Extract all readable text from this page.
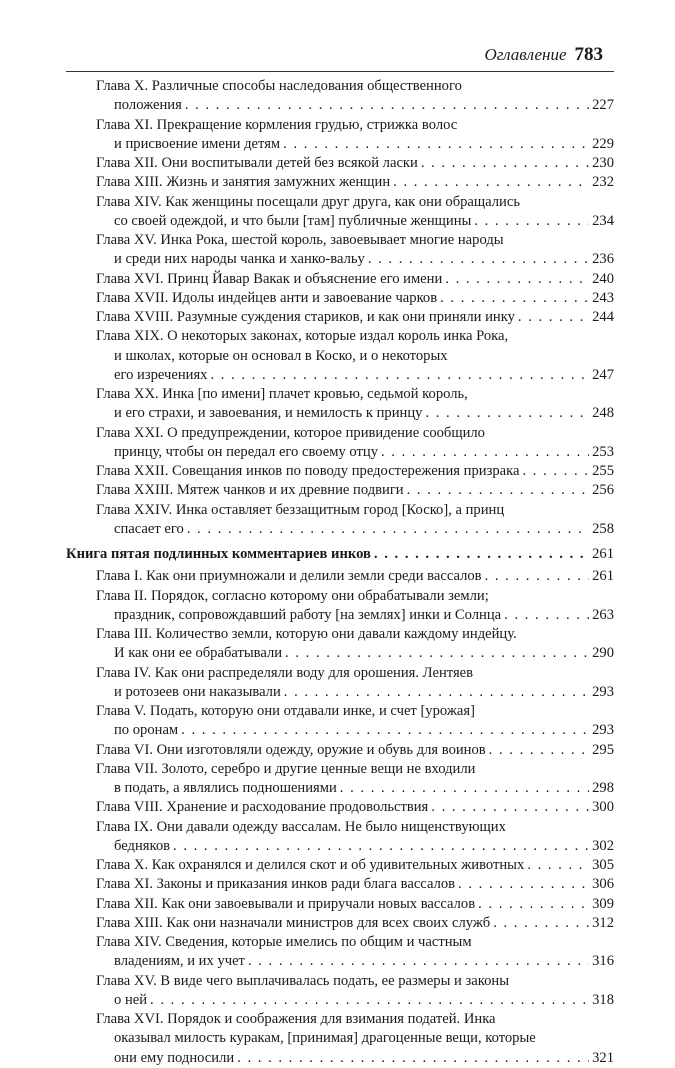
Оглавление 783
Глава X. Различные способы наследования общественного
положения . . .	227
Глава XI. Прекращение кормления грудью, стрижка волос
и присвоение имени детям . . .	229
Глава XII. Они воспитывали детей без всякой ласки . . .	230
Глава XIII. Жизнь и занятия замужних женщин . . .	232
Глава XIV. Как женщины посещали друг друга, как они обращались
со своей одеждой, и что были [там] публичные женщины . . .	234
Глава XV. Инка Рока, шестой король, завоевывает многие народы
и среди них народы чанка и ханко-вальу . . .	236
Глава XVI. Принц Йавар Вакак и объяснение его имени . . .	240
Глава XVII. Идолы индейцев анти и завоевание чарков . . .	243
Глава XVIII. Разумные суждения стариков, и как они приняли инку . . .	244
Глава XIX. О некоторых законах, которые издал король инка Рока,
и школах, которые он основал в Коско, и о некоторых
его изречениях . . .	247
Глава XX. Инка [по имени] плачет кровью, седьмой король,
и его страхи, и завоевания, и немилость к принцу . . .	248
Глава XXI. О предупреждении, которое привидение сообщило
принцу, чтобы он передал его своему отцу . . .	253
Глава XXII. Совещания инков по поводу предостережения призрака . . .	255
Глава XXIII. Мятеж чанков и их древние подвиги . . .	256
Глава XXIV. Инка оставляет беззащитным город [Коско], а принц
спасает его . . .	258
Книга пятая подлинных комментариев инков . . .	261
Глава I. Как они приумножали и делили земли среди вассалов . . .	261
Глава II. Порядок, согласно которому они обрабатывали земли;
праздник, сопровождавший работу [на землях] инки и Солнца . . .	263
Глава III. Количество земли, которую они давали каждому индейцу.
И как они ее обрабатывали . . .	290
Глава IV. Как они распределяли воду для орошения. Лентяев
и ротозеев они наказывали . . .	293
Глава V. Подать, которую они отдавали инке, и счет [урожая]
по оронам . . .	293
Глава VI. Они изготовляли одежду, оружие и обувь для воинов . . .	295
Глава VII. Золото, серебро и другие ценные вещи не входили
в подать, а являлись подношениями . . .	298
Глава VIII. Хранение и расходование продовольствия . . .	300
Глава IX. Они давали одежду вассалам. Не было нищенствующих
бедняков . . .	302
Глава X. Как охранялся и делился скот и об удивительных животных . . .	305
Глава XI. Законы и приказания инков ради блага вассалов . . .	306
Глава XII. Как они завоевывали и приручали новых вассалов . . .	309
Глава XIII. Как они назначали министров для всех своих служб . . .	312
Глава XIV. Сведения, которые имелись по общим и частным
владениям, и их учет . . .	316
Глава XV. В виде чего выплачивалась подать, ее размеры и законы
о ней . . .	318
Глава XVI. Порядок и соображения для взимания податей. Инка
оказывал милость куракам, [принимая] драгоценные вещи, которые
они ему подносили . . .	321
